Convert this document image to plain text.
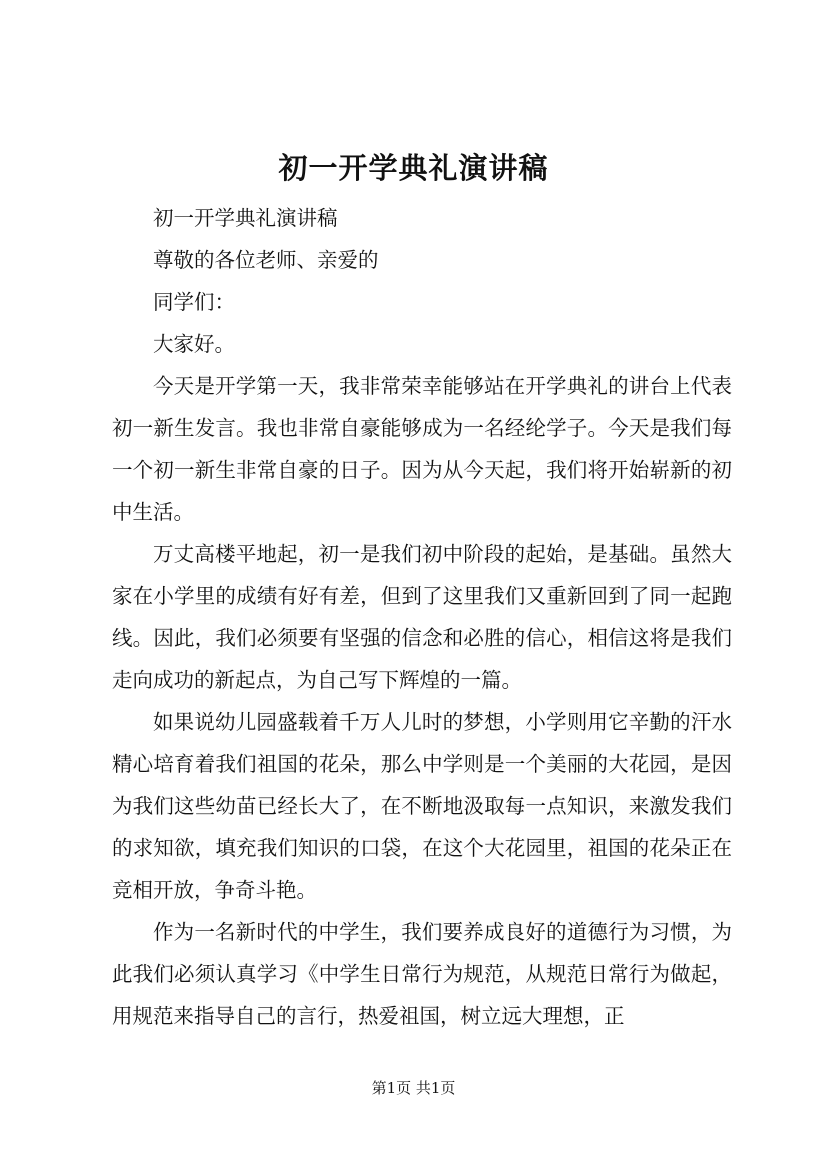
初一开学典礼演讲稿

初一开学典礼演讲稿

尊敬的各位老师、亲爱的

同学们：

大家好。

今天是开学第一天，我非常荣幸能够站在开学典礼的讲台上代表初一新生发言。我也非常自豪能够成为一名经纶学子。今天是我们每一个初一新生非常自豪的日子。因为从今天起，我们将开始崭新的初中生活。

万丈高楼平地起，初一是我们初中阶段的起始，是基础。虽然大家在小学里的成绩有好有差，但到了这里我们又重新回到了同一起跑线。因此，我们必须要有坚强的信念和必胜的信心，相信这将是我们走向成功的新起点，为自己写下辉煌的一篇。

如果说幼儿园盛载着千万人儿时的梦想，小学则用它辛勤的汗水精心培育着我们祖国的花朵，那么中学则是一个美丽的大花园，是因为我们这些幼苗已经长大了，在不断地汲取每一点知识，来激发我们的求知欲，填充我们知识的口袋，在这个大花园里，祖国的花朵正在竞相开放，争奇斗艳。

作为一名新时代的中学生，我们要养成良好的道德行为习惯，为此我们必须认真学习《中学生日常行为规范，从规范日常行为做起，用规范来指导自己的言行，热爱祖国，树立远大理想，正

第1页 共1页
